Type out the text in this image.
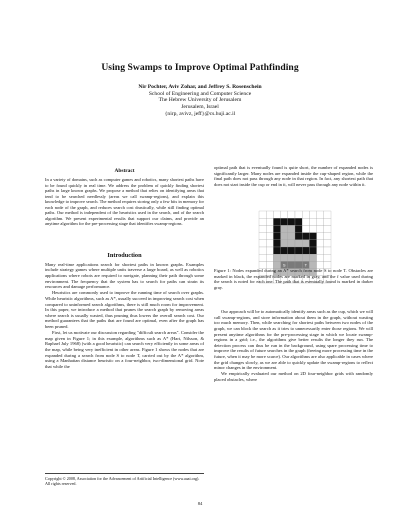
Using Swamps to Improve Optimal Pathfinding
Nir Pochter, Aviv Zohar, and Jeffrey S. Rosenschein
School of Engineering and Computer Science
The Hebrew University of Jerusalem
Jerusalem, Israel
{nirp, avivz, jeff}@cs.huji.ac.il
Abstract

In a variety of domains, such as computer games and robotics, many shortest paths have to be found quickly in real time. We address the problem of quickly finding shortest paths in large known graphs. We propose a method that relies on identifying areas that tend to be searched needlessly (areas we call swamp-regions), and explain this knowledge to improve search. The method requires storing only a few bits in memory for each node of the graph, and reduces search cost drastically, while still finding optimal paths. Our method is independent of the heuristics used in the search, and of the search algorithm. We present experimental results that support our claims, and provide an anytime algorithm for the pre-processing stage that identifies swamp-regions.

Introduction

Many real-time applications search for shortest paths in known graphs. Examples include strategy games where multiple units traverse a large board, as well as robotics applications where robots are required to navigate, planning their path through some environment. The frequency that the system has to search for paths can strain its resources and damage performance.

Heuristics are commonly used to improve the running time of search over graphs. While heuristic algorithms, such as A*, usually succeed in improving search cost when compared to uninformed search algorithms, there is still much room for improvement. In this paper, we introduce a method that prunes the search graph by removing areas where search is usually wasted, thus pruning thus lowers the overall search cost. Our method guarantees that the paths that are found are optimal, even after the graph has been pruned.

First, let us motivate our discussion regarding "difficult search areas". Consider the map given in Figure 1; in this example, algorithms such as A* (Hart, Nilsson, & Raphael July 1968) (with a good heuristic) can search very efficiently in some areas of the map, while being very inefficient in other areas. Figure 1 shows the nodes that are expanded during a search from node S to node T, carried out by the A* algorithm, using a Manhattan distance heuristic on a four-neighbor, two-dimensional grid. Note that while the

Copyright © 2008, Association for the Advancement of Artificial Intelligence (www.aaai.org). All rights reserved.

optimal path that is eventually found is quite short, the number of expanded nodes is significantly larger. Many nodes are expanded inside the cup-shaped region, while the final path does not pass through any node in that region. In fact, any shortest path that does not start inside the cup or end in it, will never pass through any node within it.

S	T
Figure 1: Nodes expanded during an A* search from node S to node T. Obstacles are marked in black, the expanded nodes are marked in gray, and the f value used during the search is noted for each one. The path that is eventually found is marked in darker gray.

Our approach will be to automatically identify areas such as the cup, which we will call swamp-regions, and store information about them in the graph, without wasting too much memory. Then, while searching for shortest paths between two nodes of the graph, we can block the search as it tries to unnecessarily enter those regions. We will present anytime algorithms for the pre-processing stage in which we locate swamp-regions in a grid; i.e., the algorithms give better results the longer they run. The detection process can thus be run in the background, using spare processing time to improve the results of future searches in the graph (freeing more processing time in the future, when it may be more scarce). Our algorithms are also applicable in cases where the grid changes slowly, as we are able to quickly update the swamp-regions to reflect minor changes in the environment.

We empirically evaluated our method on 2D four-neighbor grids with randomly placed obstacles, where

84
